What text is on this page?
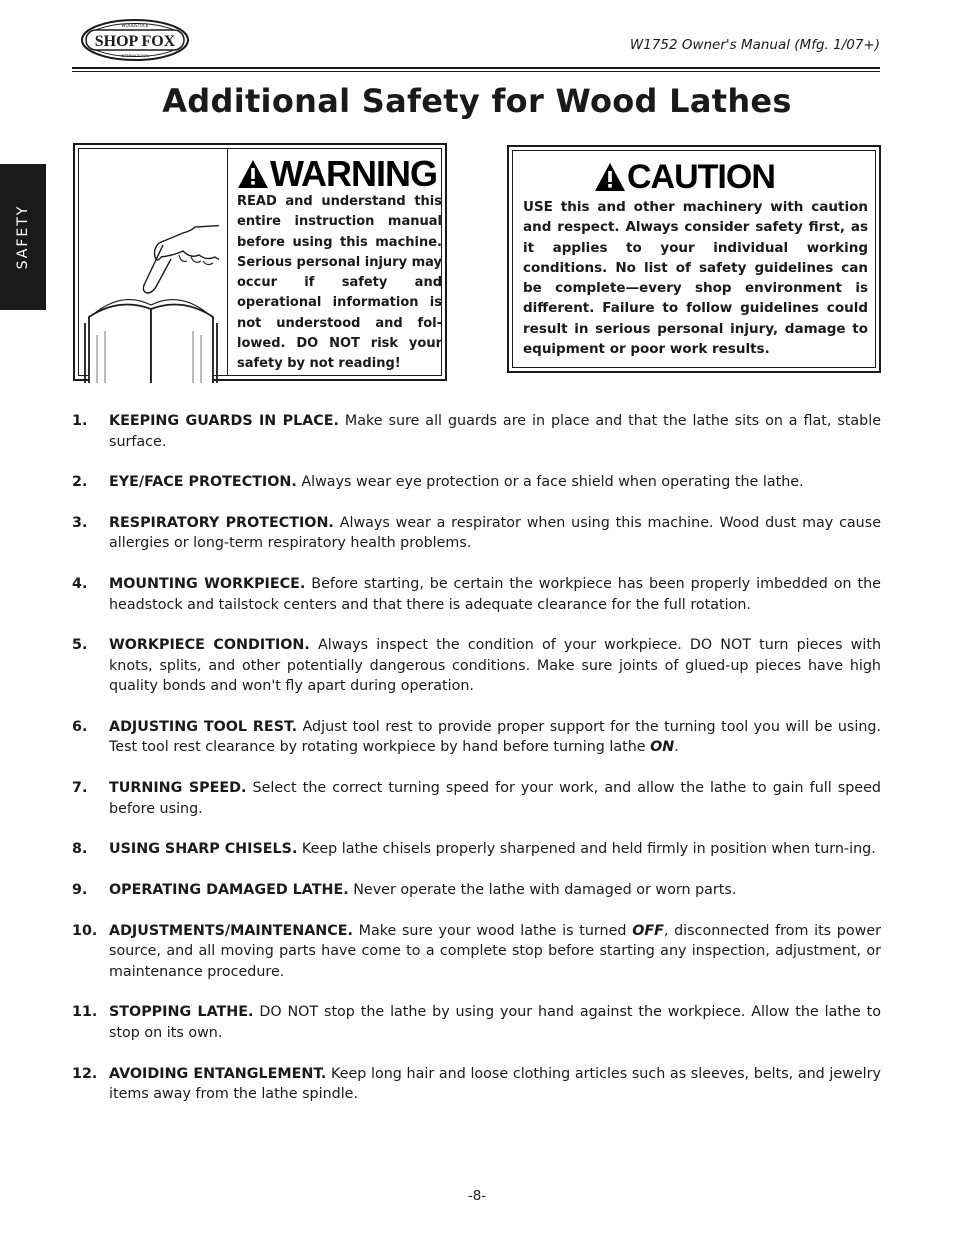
SHOP FOX
WOODSTOCK
INTERNATIONAL
W1752 Owner's Manual (Mfg. 1/07+)
Additional Safety for Wood Lathes
SAFETY
WARNING
READ and understand this entire instruction manual before using this machine. Serious personal injury may occur if safety and operational information is not understood and fol-lowed. DO NOT risk your safety by not reading!
CAUTION
USE this and other machinery with caution and respect. Always consider safety first, as it applies to your individual working conditions. No list of safety guidelines can be complete—every shop environment is different. Failure to follow guidelines could result in serious personal injury, damage to equipment or poor work results.
1. KEEPING GUARDS IN PLACE. Make sure all guards are in place and that the lathe sits on a flat, stable surface.
2. EYE/FACE PROTECTION. Always wear eye protection or a face shield when operating the lathe.
3. RESPIRATORY PROTECTION. Always wear a respirator when using this machine. Wood dust may cause allergies or long-term respiratory health problems.
4. MOUNTING WORKPIECE. Before starting, be certain the workpiece has been properly imbedded on the headstock and tailstock centers and that there is adequate clearance for the full rotation.
5. WORKPIECE CONDITION. Always inspect the condition of your workpiece. DO NOT turn pieces with knots, splits, and other potentially dangerous conditions. Make sure joints of glued-up pieces have high quality bonds and won't fly apart during operation.
6. ADJUSTING TOOL REST. Adjust tool rest to provide proper support for the turning tool you will be using. Test tool rest clearance by rotating workpiece by hand before turning lathe ON.
7. TURNING SPEED. Select the correct turning speed for your work, and allow the lathe to gain full speed before using.
8. USING SHARP CHISELS. Keep lathe chisels properly sharpened and held firmly in position when turn-ing.
9. OPERATING DAMAGED LATHE. Never operate the lathe with damaged or worn parts.
10. ADJUSTMENTS/MAINTENANCE. Make sure your wood lathe is turned OFF, disconnected from its power source, and all moving parts have come to a complete stop before starting any inspection, adjustment, or maintenance procedure.
11. STOPPING LATHE. DO NOT stop the lathe by using your hand against the workpiece. Allow the lathe to stop on its own.
12. AVOIDING ENTANGLEMENT. Keep long hair and loose clothing articles such as sleeves, belts, and jewelry items away from the lathe spindle.
-8-
